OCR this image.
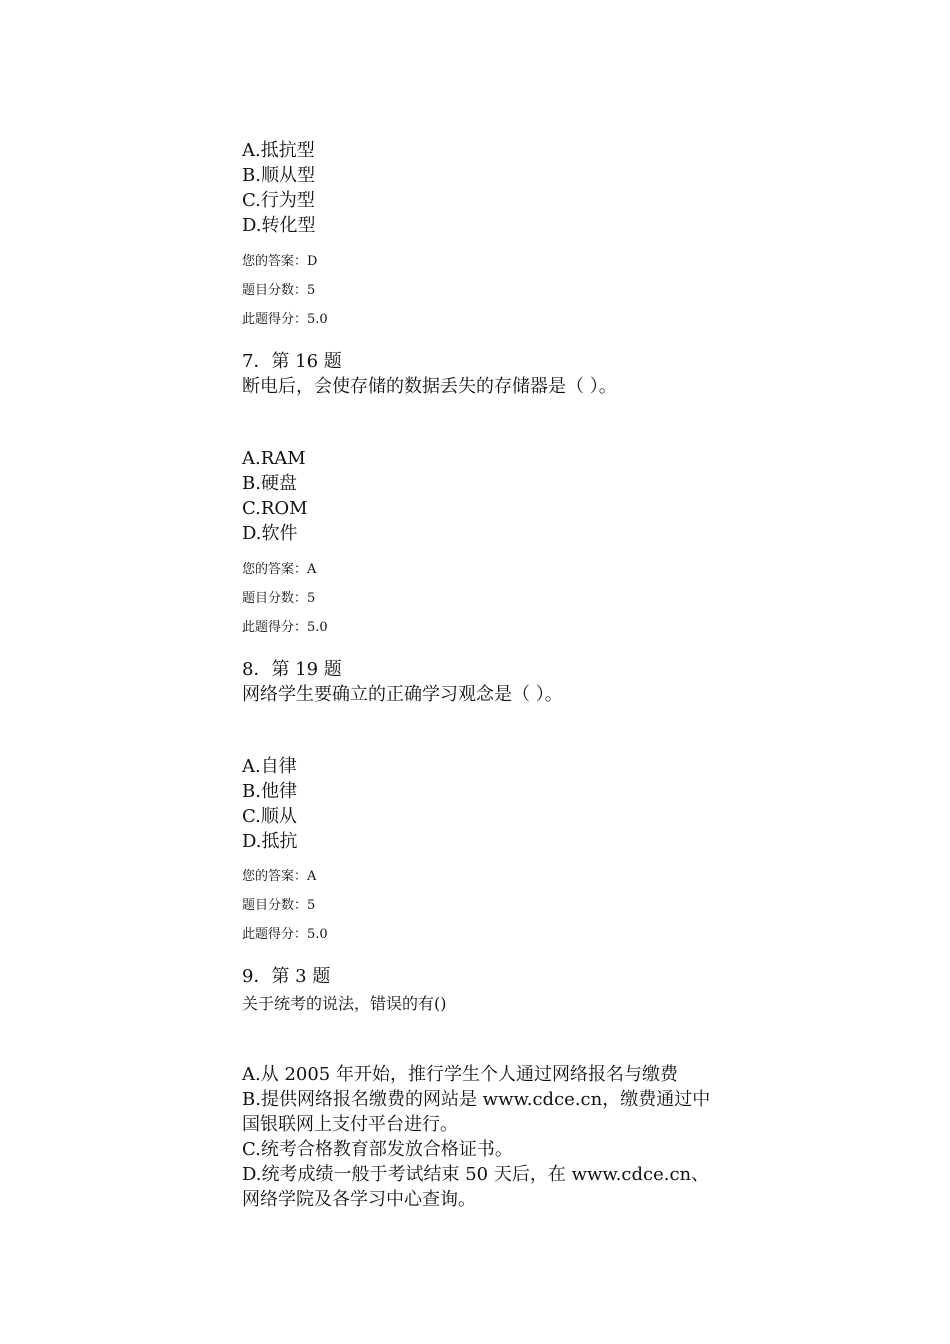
A.抵抗型
B.顺从型
C.行为型
D.转化型
您的答案：D
题目分数：5
此题得分：5.0
7．第 16 题
断电后，会使存储的数据丢失的存储器是（ ）。
A.RAM
B.硬盘
C.ROM
D.软件
您的答案：A
题目分数：5
此题得分：5.0
8．第 19 题
网络学生要确立的正确学习观念是（ ）。
A.自律
B.他律
C.顺从
D.抵抗
您的答案：A
题目分数：5
此题得分：5.0
9．第 3 题
关于统考的说法，错误的有()
A.从 2005 年开始，推行学生个人通过网络报名与缴费
B.提供网络报名缴费的网站是 www.cdce.cn，缴费通过中
国银联网上支付平台进行。
C.统考合格教育部发放合格证书。
D.统考成绩一般于考试结束 50 天后，在 www.cdce.cn、
网络学院及各学习中心查询。
